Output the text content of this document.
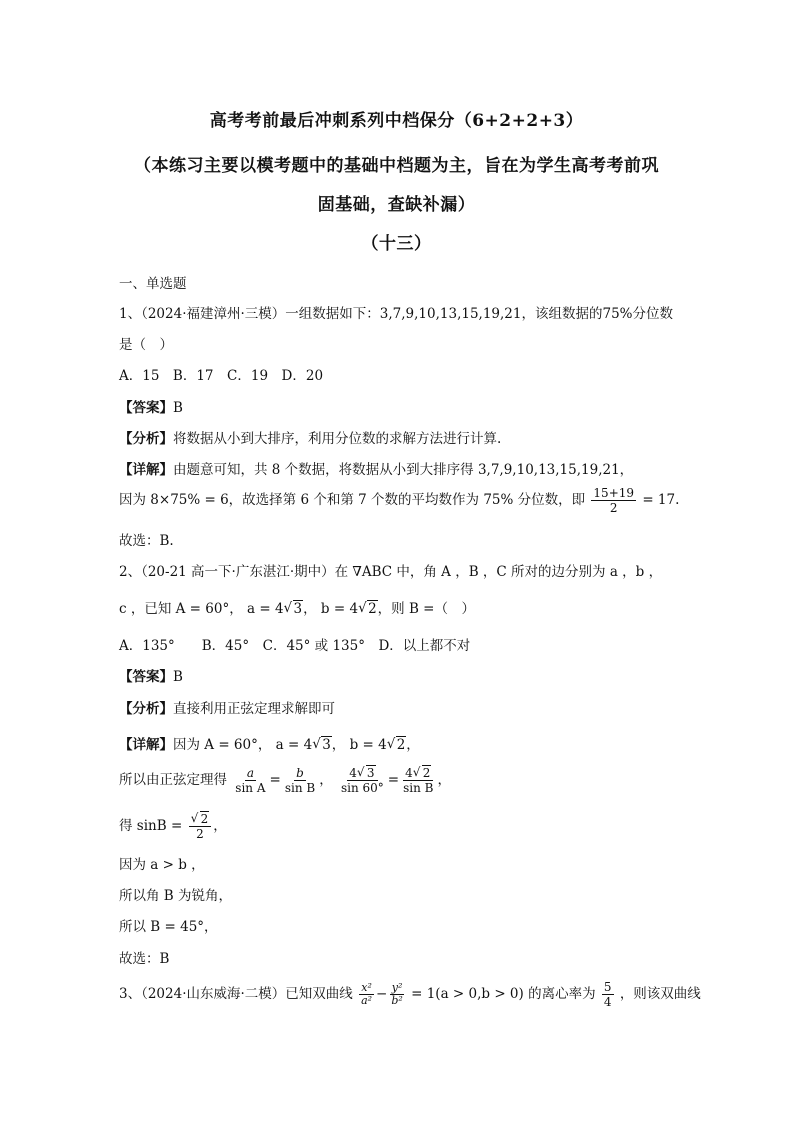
高考考前最后冲刺系列中档保分（6+2+2+3）
（本练习主要以模考题中的基础中档题为主，旨在为学生高考考前巩
固基础，查缺补漏）
（十三）
一、单选题
1、（2024·福建漳州·三模）一组数据如下：3,7,9,10,13,15,19,21，该组数据的75%分位数
是（　）
A．15　B．17　C．19　D．20
【答案】B
【分析】将数据从小到大排序，利用分位数的求解方法进行计算.
【详解】由题意可知，共 8 个数据，将数据从小到大排序得 3,7,9,10,13,15,19,21，
因为 8×75% = 6，故选择第 6 个和第 7 个数的平均数作为 75% 分位数，即 $\frac{15+19}{2} = 17$.
故选：B.
2、（20-21 高一下·广东湛江·期中）在 ∇ABC 中，角 A ，B ，C 所对的边分别为 a ，b ，
c ，已知 A = 60°， a = 4 √ 3， b = 4 √ 2，则 B =（　）
A．135°　　B．45°　C．45° 或 135°　D．以上都不对
【答案】B
【分析】直接利用正弦定理求解即可
【详解】因为 A = 60°， a = 4 √ 3， b = 4 √ 2，
所以由正弦定理得 $\frac{a}{\text{sin A}} = \frac{b}{\text{sin B}}$ ， $\frac{4 √ 3}{\sin 60^\circ} = \frac{4 √ 2}{\text{sin B}}$ ，
得 sinB = √ $\frac{2}{2}$ ，
因为 a > b ，
所以角 B 为锐角，
所以 B = 45°，
故选：B
3、（2024·山东威海·二模）已知双曲线 $\frac{\text{x²}}{\text{a²}} - \frac{\text{y²}}{\text{b²}} = 1(a > 0,b > 0)$ 的离心率为 $\frac{5}{4}$ ，则该双曲线
